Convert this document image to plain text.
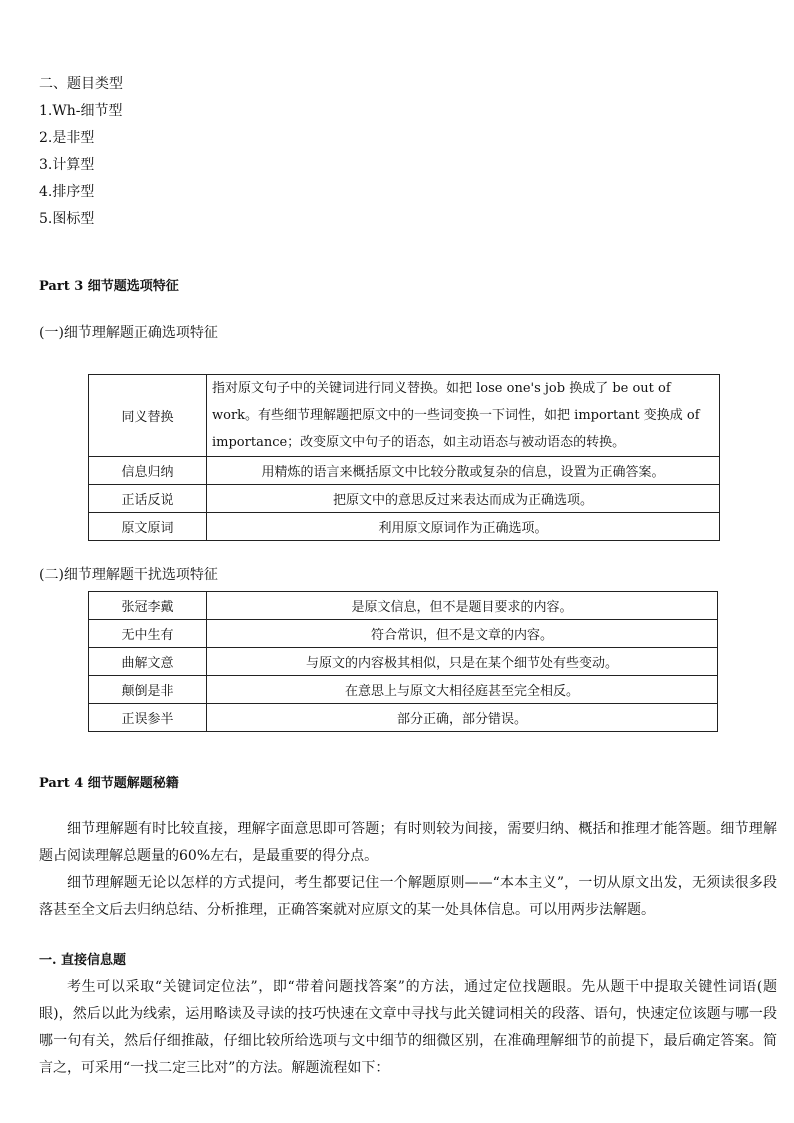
二、题目类型
1.Wh-细节型
2.是非型
3.计算型
4.排序型
5.图标型
Part 3 细节题选项特征
(一)细节理解题正确选项特征
同义替换	指对原文句子中的关键词进行同义替换。如把 lose one's job 换成了 be out of work。有些细节理解题把原文中的一些词变换一下词性，如把 important 变换成 of importance；改变原文中句子的语态，如主动语态与被动语态的转换。
信息归纳	用精炼的语言来概括原文中比较分散或复杂的信息，设置为正确答案。
正话反说	把原文中的意思反过来表达而成为正确选项。
原文原词	利用原文原词作为正确选项。
(二)细节理解题干扰选项特征
张冠李戴	是原文信息，但不是题目要求的内容。
无中生有	符合常识，但不是文章的内容。
曲解文意	与原文的内容极其相似，只是在某个细节处有些变动。
颠倒是非	在意思上与原文大相径庭甚至完全相反。
正误参半	部分正确，部分错误。
Part 4 细节题解题秘籍

细节理解题有时比较直接，理解字面意思即可答题；有时则较为间接，需要归纳、概括和推理才能答题。细节理解题占阅读理解总题量的60%左右，是最重要的得分点。

细节理解题无论以怎样的方式提问，考生都要记住一个解题原则——“本本主义”，一切从原文出发，无须读很多段落甚至全文后去归纳总结、分析推理，正确答案就对应原文的某一处具体信息。可以用两步法解题。

一. 直接信息题

考生可以采取“关键词定位法”，即“带着问题找答案”的方法，通过定位找题眼。先从题干中提取关键性词语(题眼)，然后以此为线索，运用略读及寻读的技巧快速在文章中寻找与此关键词相关的段落、语句，快速定位该题与哪一段哪一句有关，然后仔细推敲，仔细比较所给选项与文中细节的细微区别，在准确理解细节的前提下，最后确定答案。简言之，可采用“一找二定三比对”的方法。解题流程如下：
